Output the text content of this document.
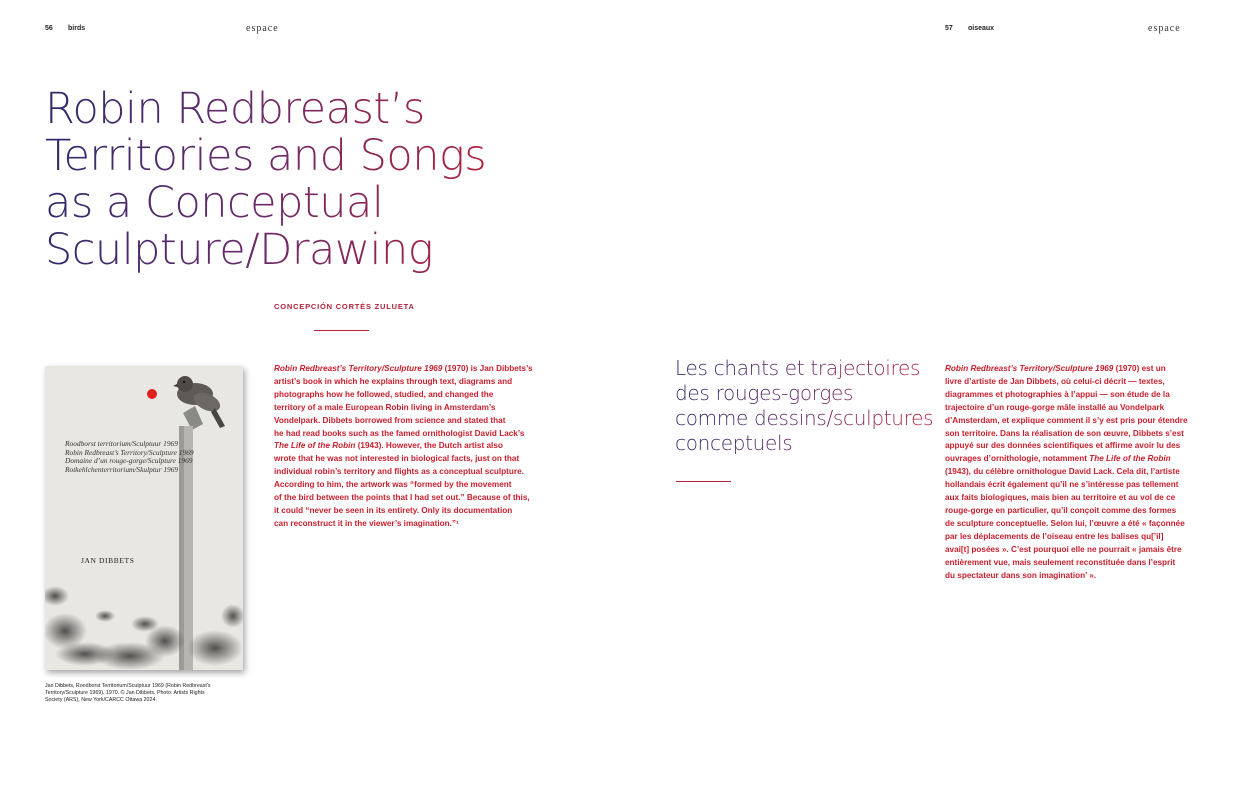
56 birds	espace	57 oiseaux	espace
Robin Redbreast’s
Territories and Songs
as a Conceptual
Sculpture/Drawing
CONCEPCIÓN CORTÉS ZULUETA
Roodborst territorium/Sculptuur 1969
Robin Redbreast’s Territory/Sculpture 1969
Domaine d’un rouge-gorge/Sculpture 1969
Rotkehlchenterritorium/Skulptur 1969
JAN DIBBETS
Jan Dibbets, Roodborst Territorium/Sculptuur 1969 (Robin Redbreast’s
Territory/Sculpture 1969), 1970. © Jan Dibbets. Photo: Artists Rights
Society (ARS), New York/CARCC Ottawa 2024.
Robin Redbreast’s Territory/Sculpture 1969 (1970) is Jan Dibbets’s
artist’s book in which he explains through text, diagrams and
photographs how he followed, studied, and changed the
territory of a male European Robin living in Amsterdam’s
Vondelpark. Dibbets borrowed from science and stated that
he had read books such as the famed ornithologist David Lack’s
The Life of the Robin (1943). However, the Dutch artist also
wrote that he was not interested in biological facts, just on that
individual robin’s territory and flights as a conceptual sculpture.
According to him, the artwork was “formed by the movement
of the bird between the points that I had set out.” Because of this,
it could “never be seen in its entirety. Only its documentation
can reconstruct it in the viewer’s imagination.”¹
Les chants et trajectoires
des rouges-gorges
comme dessins/sculptures
conceptuels
Robin Redbreast’s Territory/Sculpture 1969 (1970) est un
livre d’artiste de Jan Dibbets, où celui-ci décrit — textes,
diagrammes et photographies à l’appui — son étude de la
trajectoire d’un rouge-gorge mâle installé au Vondelpark
d’Amsterdam, et explique comment il s’y est pris pour étendre
son territoire. Dans la réalisation de son œuvre, Dibbets s’est
appuyé sur des données scientifiques et affirme avoir lu des
ouvrages d’ornithologie, notamment The Life of the Robin
(1943), du célèbre ornithologue David Lack. Cela dit, l’artiste
hollandais écrit également qu’il ne s’intéresse pas tellement
aux faits biologiques, mais bien au territoire et au vol de ce
rouge-gorge en particulier, qu’il conçoit comme des formes
de sculpture conceptuelle. Selon lui, l’œuvre a été « façonnée
par les déplacements de l’oiseau entre les balises qu[’il]
avai[t] posées ». C’est pourquoi elle ne pourrait « jamais être
entièrement vue, mais seulement reconstituée dans l’esprit
du spectateur dans son imagination’ ».
